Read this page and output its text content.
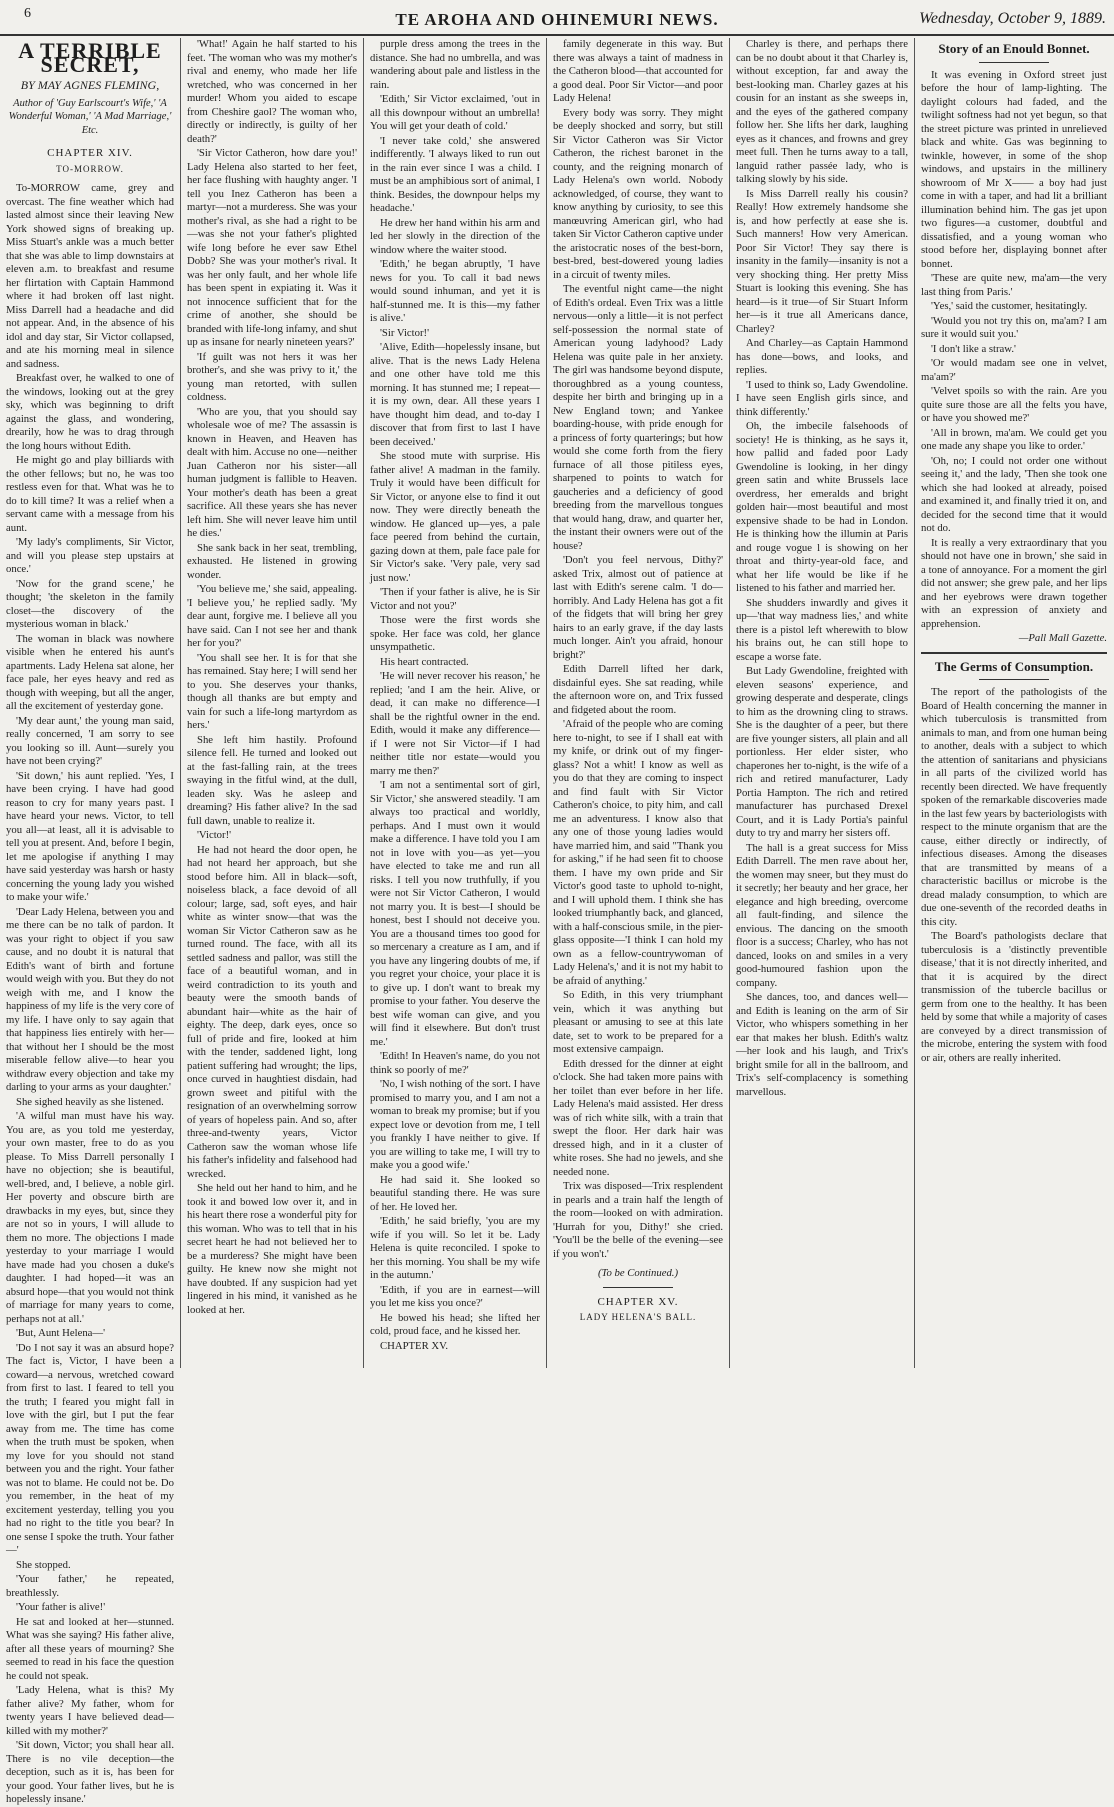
6	TE AROHA AND OHINEMURI NEWS.	Wednesday, October 9, 1889.
A TERRIBLE SECRET,
BY MAY AGNES FLEMING,
Author of 'Guy Earlscourt's Wife,' 'A Wonderful Woman,' 'A Mad Marriage,' Etc.
CHAPTER XIV.
TO-MORROW.

To-MORROW came, grey and overcast. The fine weather which had lasted almost since their leaving New York showed signs of breaking up. Miss Stuart's ankle was a much better that she was able to limp downstairs at eleven a.m. to breakfast and resume her flirtation with Captain Hammond where it had broken off last night. Miss Darrell had a headache and did not appear. And, in the absence of his idol and day star, Sir Victor collapsed, and ate his morning meal in silence and sadness.

Breakfast over, he walked to one of the windows, looking out at the grey sky, which was beginning to drift against the glass, and wondering, drearily, how he was to drag through the long hours without Edith.

He might go and play billiards with the other fellows; but no, he was too restless even for that. What was he to do to kill time? It was a relief when a servant came with a message from his aunt.

'My lady's compliments, Sir Victor, and will you please step upstairs at once.'

'Now for the grand scene,' he thought; 'the skeleton in the family closet—the discovery of the mysterious woman in black.'

The woman in black was nowhere visible when he entered his aunt's apartments. Lady Helena sat alone, her face pale, her eyes heavy and red as though with weeping, but all the anger, all the excitement of yesterday gone.

'My dear aunt,' the young man said, really concerned, 'I am sorry to see you looking so ill. Aunt—surely you have not been crying?'

'Sit down,' his aunt replied. 'Yes, I have been crying. I have had good reason to cry for many years past. I have heard your news. Victor, to tell you all—at least, all it is advisable to tell you at present. And, before I begin, let me apologise if anything I may have said yesterday was harsh or hasty concerning the young lady you wished to make your wife.'

'Dear Lady Helena, between you and me there can be no talk of pardon. It was your right to object if you saw cause, and no doubt it is natural that Edith's want of birth and fortune would weigh with you. But they do not weigh with me, and I know the happiness of my life is the very core of my life. I have only to say again that that happiness lies entirely with her—that without her I should be the most miserable fellow alive—to hear you withdraw every objection and take my darling to your arms as your daughter.'

She sighed heavily as she listened.

'A wilful man must have his way. You are, as you told me yesterday, your own master, free to do as you please. To Miss Darrell personally I have no objection; she is beautiful, well-bred, and, I believe, a noble girl. Her poverty and obscure birth are drawbacks in my eyes, but, since they are not so in yours, I will allude to them no more. The objections I made yesterday to your marriage I would have made had you chosen a duke's daughter. I had hoped—it was an absurd hope—that you would not think of marriage for many years to come, perhaps not at all.'

'But, Aunt Helena—'

'Do I not say it was an absurd hope? The fact is, Victor, I have been a coward—a nervous, wretched coward from first to last. I feared to tell you the truth; I feared you might fall in love with the girl, but I put the fear away from me. The time has come when the truth must be spoken, when my love for you should not stand between you and the right. Your father was not to blame. He could not be. Do you remember, in the heat of my excitement yesterday, telling you you had no right to the title you bear? In one sense I spoke the truth. Your father—'

She stopped.

'Your father,' he repeated, breathlessly.

'Your father is alive!'

He sat and looked at her—stunned. What was she saying? His father alive, after all these years of mourning? She seemed to read in his face the question he could not speak.

'Lady Helena, what is this? My father alive? My father, whom for twenty years I have believed dead—killed with my mother?'

'Sit down, Victor; you shall hear all. There is no vile deception—the deception, such as it is, has been for your good. Your father lives, but he is hopelessly insane.'

'What!' Again he half started to his feet. 'The woman who was my mother's rival and enemy, who made her life wretched, who was concerned in her murder! Whom you aided to escape from Cheshire gaol? The woman who, directly or indirectly, is guilty of her death?'

'Sir Victor Catheron, how dare you!' Lady Helena also started to her feet, her face flushing with haughty anger. 'I tell you Inez Catheron has been a martyr—not a murderess. She was your mother's rival, as she had a right to be—was she not your father's plighted wife long before he ever saw Ethel Dobb? She was your mother's rival. It was her only fault, and her whole life has been spent in expiating it. Was it not innocence sufficient that for the crime of another, she should be branded with life-long infamy, and shut up as insane for nearly nineteen years?'

'If guilt was not hers it was her brother's, and she was privy to it,' the young man retorted, with sullen coldness.

'Who are you, that you should say wholesale woe of me? The assassin is known in Heaven, and Heaven has dealt with him. Accuse no one—neither Juan Catheron nor his sister—all human judgment is fallible to Heaven. Your mother's death has been a great sacrifice. All these years she has never left him. She will never leave him until he dies.'

She sank back in her seat, trembling, exhausted. He listened in growing wonder.

'You believe me,' she said, appealing. 'I believe you,' he replied sadly. 'My dear aunt, forgive me. I believe all you have said. Can I not see her and thank her for you?'

'You shall see her. It is for that she has remained. Stay here; I will send her to you. She deserves your thanks, though all thanks are but empty and vain for such a life-long martyrdom as hers.'

She left him hastily. Profound silence fell. He turned and looked out at the fast-falling rain, at the trees swaying in the fitful wind, at the dull, leaden sky. Was he asleep and dreaming? His father alive? In the sad full dawn, unable to realize it.

'Victor!'

He had not heard the door open, he had not heard her approach, but she stood before him. All in black—soft, noiseless black, a face devoid of all colour; large, sad, soft eyes, and hair white as winter snow—that was the woman Sir Victor Catheron saw as he turned round. The face, with all its settled sadness and pallor, was still the face of a beautiful woman, and in weird contradiction to its youth and beauty were the smooth bands of abundant hair—white as the hair of eighty. The deep, dark eyes, once so full of pride and fire, looked at him with the tender, saddened light, long patient suffering had wrought; the lips, once curved in haughtiest disdain, had grown sweet and pitiful with the resignation of an overwhelming sorrow of years of hopeless pain. And so, after three-and-twenty years, Victor Catheron saw the woman whose life his father's infidelity and falsehood had wrecked.

She held out her hand to him, and he took it and bowed low over it, and in his heart there rose a wonderful pity for this woman. Who was to tell that in his secret heart he had not believed her to be a murderess? She might have been guilty. He knew now she might not have doubted. If any suspicion had yet lingered in his mind, it vanished as he looked at her.

purple dress among the trees in the distance. She had no umbrella, and was wandering about pale and listless in the rain.

'Edith,' Sir Victor exclaimed, 'out in all this downpour without an umbrella! You will get your death of cold.'

'I never take cold,' she answered indifferently. 'I always liked to run out in the rain ever since I was a child. I must be an amphibious sort of animal, I think. Besides, the downpour helps my headache.'

He drew her hand within his arm and led her slowly in the direction of the window where the waiter stood.

'Edith,' he began abruptly, 'I have news for you. To call it bad news would sound inhuman, and yet it is half-stunned me. It is this—my father is alive.'

'Sir Victor!'

'Alive, Edith—hopelessly insane, but alive. That is the news Lady Helena and one other have told me this morning. It has stunned me; I repeat—it is my own, dear. All these years I have thought him dead, and to-day I discover that from first to last I have been deceived.'

She stood mute with surprise. His father alive! A madman in the family. Truly it would have been difficult for Sir Victor, or anyone else to find it out now. They were directly beneath the window. He glanced up—yes, a pale face peered from behind the curtain, gazing down at them, pale face pale for Sir Victor's sake. 'Very pale, very sad just now.'

'Then if your father is alive, he is Sir Victor and not you?'

Those were the first words she spoke. Her face was cold, her glance unsympathetic.

His heart contracted.

'He will never recover his reason,' he replied; 'and I am the heir. Alive, or dead, it can make no difference—I shall be the rightful owner in the end. Edith, would it make any difference—if I were not Sir Victor—if I had neither title nor estate—would you marry me then?'

'I am not a sentimental sort of girl, Sir Victor,' she answered steadily. 'I am always too practical and worldly, perhaps. And I must own it would make a difference. I have told you I am not in love with you—as yet—you have elected to take me and run all risks. I tell you now truthfully, if you were not Sir Victor Catheron, I would not marry you. It is best—I should be honest, best I should not deceive you. You are a thousand times too good for so mercenary a creature as I am, and if you have any lingering doubts of me, if you regret your choice, your place it is to give up. I don't want to break my promise to your father. You deserve the best wife woman can give, and you will find it elsewhere. But don't trust me.'

'Edith! In Heaven's name, do you not think so poorly of me?'

'No, I wish nothing of the sort. I have promised to marry you, and I am not a woman to break my promise; but if you expect love or devotion from me, I tell you frankly I have neither to give. If you are willing to take me, I will try to make you a good wife.'

He had said it. She looked so beautiful standing there. He was sure of her. He loved her.

'Edith,' he said briefly, 'you are my wife if you will. So let it be. Lady Helena is quite reconciled. I spoke to her this morning. You shall be my wife in the autumn.'

'Edith, if you are in earnest—will you let me kiss you once?'

He bowed his head; she lifted her cold, proud face, and he kissed her.

CHAPTER XV.

family degenerate in this way. But there was always a taint of madness in the Catheron blood—that accounted for a good deal. Poor Sir Victor—and poor Lady Helena!

Every body was sorry. They might be deeply shocked and sorry, but still Sir Victor Catheron was Sir Victor Catheron, the richest baronet in the county, and the reigning monarch of Lady Helena's own world. Nobody acknowledged, of course, they want to know anything by curiosity, to see this manœuvring American girl, who had taken Sir Victor Catheron captive under the aristocratic noses of the best-born, best-bred, best-dowered young ladies in a circuit of twenty miles.

The eventful night came—the night of Edith's ordeal. Even Trix was a little nervous—only a little—it is not perfect self-possession the normal state of American young ladyhood? Lady Helena was quite pale in her anxiety. The girl was handsome beyond dispute, thoroughbred as a young countess, despite her birth and bringing up in a New England town; and Yankee boarding-house, with pride enough for a princess of forty quarterings; but how would she come forth from the fiery furnace of all those pitiless eyes, sharpened to points to watch for gaucheries and a deficiency of good breeding from the marvellous tongues that would hang, draw, and quarter her, the instant their owners were out of the house?

'Don't you feel nervous, Dithy?' asked Trix, almost out of patience at last with Edith's serene calm. 'I do—horribly. And Lady Helena has got a fit of the fidgets that will bring her grey hairs to an early grave, if the day lasts much longer. Ain't you afraid, honour bright?'

Edith Darrell lifted her dark, disdainful eyes. She sat reading, while the afternoon wore on, and Trix fussed and fidgeted about the room.

'Afraid of the people who are coming here to-night, to see if I shall eat with my knife, or drink out of my finger-glass? Not a whit! I know as well as you do that they are coming to inspect and find fault with Sir Victor Catheron's choice, to pity him, and call me an adventuress. I know also that any one of those young ladies would have married him, and said "Thank you for asking," if he had seen fit to choose them. I have my own pride and Sir Victor's good taste to uphold to-night, and I will uphold them. I think she has looked triumphantly back, and glanced, with a half-conscious smile, in the pier-glass opposite—'I think I can hold my own as a fellow-countrywoman of Lady Helena's,' and it is not my habit to be afraid of anything.'

So Edith, in this very triumphant vein, which it was anything but pleasant or amusing to see at this late date, set to work to be prepared for a most extensive campaign.

Edith dressed for the dinner at eight o'clock. She had taken more pains with her toilet than ever before in her life. Lady Helena's maid assisted. Her dress was of rich white silk, with a train that swept the floor. Her dark hair was dressed high, and in it a cluster of white roses. She had no jewels, and she needed none.

Trix was disposed—Trix resplendent in pearls and a train half the length of the room—looked on with admiration. 'Hurrah for you, Dithy!' she cried. 'You'll be the belle of the evening—see if you won't.'

(To be Continued.)
CHAPTER XV.
LADY HELENA'S BALL.

Charley is there, and perhaps there can be no doubt about it that Charley is, without exception, far and away the best-looking man. Charley gazes at his cousin for an instant as she sweeps in, and the eyes of the gathered company follow her. She lifts her dark, laughing eyes as it chances, and frowns and grey meet full. Then he turns away to a tall, languid rather passée lady, who is talking slowly by his side.

Is Miss Darrell really his cousin? Really! How extremely handsome she is, and how perfectly at ease she is. Such manners! How very American. Poor Sir Victor! They say there is insanity in the family—insanity is not a very shocking thing. Her pretty Miss Stuart is looking this evening. She has heard—is it true—of Sir Stuart Inform her—is it true all Americans dance, Charley?

And Charley—as Captain Hammond has done—bows, and looks, and replies.

'I used to think so, Lady Gwendoline. I have seen English girls since, and think differently.'

Oh, the imbecile falsehoods of society! He is thinking, as he says it, how pallid and faded poor Lady Gwendoline is looking, in her dingy green satin and white Brussels lace overdress, her emeralds and bright golden hair—most beautiful and most expensive shade to be had in London. He is thinking how the illumin at Paris and rouge vogue l is showing on her throat and thirty-year-old face, and what her life would be like if he listened to his father and married her.

She shudders inwardly and gives it up—'that way madness lies,' and white there is a pistol left wherewith to blow his brains out, he can still hope to escape a worse fate.

But Lady Gwendoline, freighted with eleven seasons' experience, and growing desperate and desperate, clings to him as the drowning cling to straws. She is the daughter of a peer, but there are five younger sisters, all plain and all portionless. Her elder sister, who chaperones her to-night, is the wife of a rich and retired manufacturer, Lady Portia Hampton. The rich and retired manufacturer has purchased Drexel Court, and it is Lady Portia's painful duty to try and marry her sisters off.

The hall is a great success for Miss Edith Darrell. The men rave about her, the women may sneer, but they must do it secretly; her beauty and her grace, her elegance and high breeding, overcome all fault-finding, and silence the envious. The dancing on the smooth floor is a success; Charley, who has not danced, looks on and smiles in a very good-humoured fashion upon the company.

She dances, too, and dances well—and Edith is leaning on the arm of Sir Victor, who whispers something in her ear that makes her blush. Edith's waltz—her look and his laugh, and Trix's bright smile for all in the ballroom, and Trix's self-complacency is something marvellous.

Story of an Enould Bonnet.

It was evening in Oxford street just before the hour of lamp-lighting. The daylight colours had faded, and the twilight softness had not yet begun, so that the street picture was printed in unrelieved black and white. Gas was beginning to twinkle, however, in some of the shop windows, and upstairs in the millinery showroom of Mr X—— a boy had just come in with a taper, and had lit a brilliant illumination behind him. The gas jet upon two figures—a customer, doubtful and dissatisfied, and a young woman who stood before her, displaying bonnet after bonnet.

'These are quite new, ma'am—the very last thing from Paris.'

'Yes,' said the customer, hesitatingly.

'Would you not try this on, ma'am? I am sure it would suit you.'

'I don't like a straw.'

'Or would madam see one in velvet, ma'am?'

'Velvet spoils so with the rain. Are you quite sure those are all the felts you have, or have you showed me?'

'All in brown, ma'am. We could get you one made any shape you like to order.'

'Oh, no; I could not order one without seeing it,' and the lady, 'Then she took one which she had looked at already, poised and examined it, and finally tried it on, and decided for the second time that it would not do.

It is really a very extraordinary that you should not have one in brown,' she said in a tone of annoyance. For a moment the girl did not answer; she grew pale, and her lips and her eyebrows were drawn together with an expression of anxiety and apprehension.

—Pall Mall Gazette.
The Germs of Consumption.

The report of the pathologists of the Board of Health concerning the manner in which tuberculosis is transmitted from animals to man, and from one human being to another, deals with a subject to which the attention of sanitarians and physicians in all parts of the civilized world has recently been directed. We have frequently spoken of the remarkable discoveries made in the last few years by bacteriologists with respect to the minute organism that are the cause, either directly or indirectly, of infectious diseases. Among the diseases that are transmitted by means of a characteristic bacillus or microbe is the dread malady consumption, to which are due one-seventh of the recorded deaths in this city.

The Board's pathologists declare that tuberculosis is a 'distinctly preventible disease,' that it is not directly inherited, and that it is acquired by the direct transmission of the tubercle bacillus or germ from one to the healthy. It has been held by some that while a majority of cases are conveyed by a direct transmission of the microbe, entering the system with food or air, others are really inherited.
